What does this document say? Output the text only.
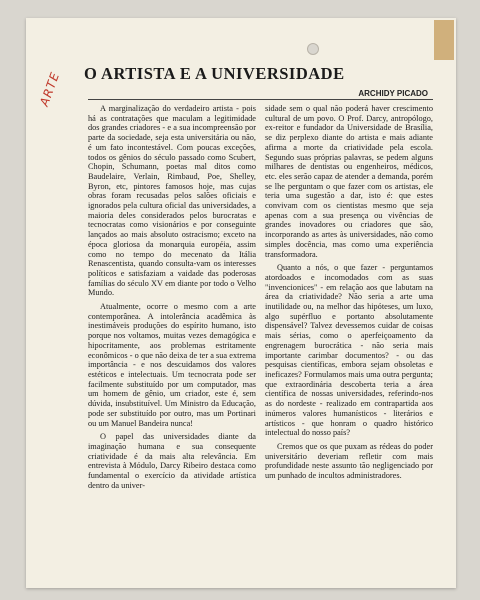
ARTE O ARTISTA E A UNIVERSIDADE
ARCHIDY PICADO

A marginalização do verdadeiro artista - pois há as contratações que maculam a legitimidade dos grandes criadores - e a sua incompreensão por parte da sociedade, seja esta universitária ou não, é um fato incontestável. Com poucas exceções, todos os gênios do século passado como Scubert, Chopin, Schumann, poetas mal ditos como Baudelaire, Verlain, Rimbaud, Poe, Shelley, Byron, etc, pintores famosos hoje, mas cujas obras foram recusadas pelos salões oficiais e ignorados pela cultura oficial das universidades, a maioria deles considerados pelos burocratas e tecnocratas como visionários e por conseguinte lançados ao mais absoluto ostracismo; exceto na época gloriosa da monarquia européia, assim como no tempo do mecenato da Itália Renascentista, quando consulta-vam os interesses políticos e satisfaziam a vaidade das poderosas famílias do século XV em diante por todo o Velho Mundo.

Atualmente, ocorre o mesmo com a arte contemporânea. A intolerância acadêmica às inestimáveis produções do espírito humano, isto porque nos voltamos, muitas vezes demagógica e hipocritamente, aos problemas estritamente econômicos - o que não deixa de ter a sua extrema importância - e nos descuidamos dos valores estéticos e intelectuais. Um tecnocrata pode ser facilmente substituído por um computador, mas um homem de gênio, um criador, este é, sem dúvida, insubstituível. Um Ministro da Educação, pode ser substituído por outro, mas um Portinari ou um Manuel Bandeira nunca!

O papel das universidades diante da imaginação humana e sua consequente criatividade é da mais alta relevância. Em entrevista à Módulo, Darcy Ribeiro destaca como fundamental o exercício da atividade artística dentro da univer-

sidade sem o qual não poderá haver crescimento cultural de um povo. O Prof. Darcy, antropólogo, ex-reitor e fundador da Universidade de Brasília, se diz perplexo diante do artista e mais adiante afirma a morte da criatividade pela escola. Segundo suas próprias palavras, se pedem alguns milhares de dentistas ou engenheiros, médicos, etc. eles serão capaz de atender a demanda, porém se lhe perguntam o que fazer com os artistas, ele teria uma sugestão a dar, isto é: que estes convivam com os cientistas mesmo que seja apenas com a sua presença ou vivências de grandes inovadores ou criadores que são, incorporando as artes às universidades, não como simples docência, mas como uma experiência transformadora.

Quanto a nós, o que fazer - perguntamos atordoados e incomodados com as suas "invencionices" - em relação aos que labutam na área da criatividade? Não seria a arte uma inutilidade ou, na melhor das hipóteses, um luxo, algo supérfluo e portanto absolutamente dispensável? Talvez devessemos cuidar de coisas mais sérias, como o aperfeiçoamento da engrenagem burocrática - não seria mais importante carimbar documentos? - ou das pesquisas científicas, embora sejam obsoletas e ineficazes? Formulamos mais uma outra pergunta; que extraordinária descoberta teria a área científica de nossas universidades, referindo-nos as do nordeste - realizado em contrapartida aos inúmeros valores humanísticos - literários e artísticos - que honram o quadro histórico intelectual do nosso país?

Cremos que os que puxam as rédeas do poder universitário deveriam refletir com mais profundidade neste assunto tão negligenciado por um punhado de incultos administradores.
